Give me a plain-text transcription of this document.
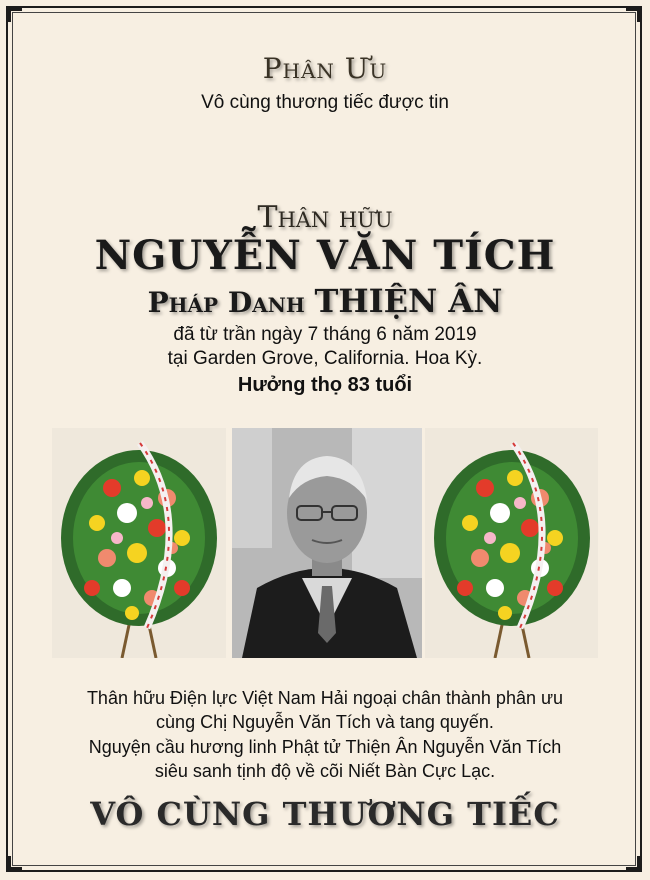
Phân Ưu
Vô cùng thương tiếc được tin
Thân hữu
NGUYỄN VĂN TÍCH
Pháp Danh THIỆN ÂN
đã từ trần ngày 7 tháng 6 năm 2019
tại Garden Grove, California. Hoa Kỳ.
Hưởng thọ 83 tuổi
Thân hữu Điện lực Việt Nam Hải ngoại chân thành phân ưu
cùng Chị Nguyễn Văn Tích và tang quyến.
Nguyện cầu hương linh Phật tử Thiện Ân Nguyễn Văn Tích
siêu sanh tịnh độ về cõi Niết Bàn Cực Lạc.
VÔ CÙNG THƯƠNG TIẾC
